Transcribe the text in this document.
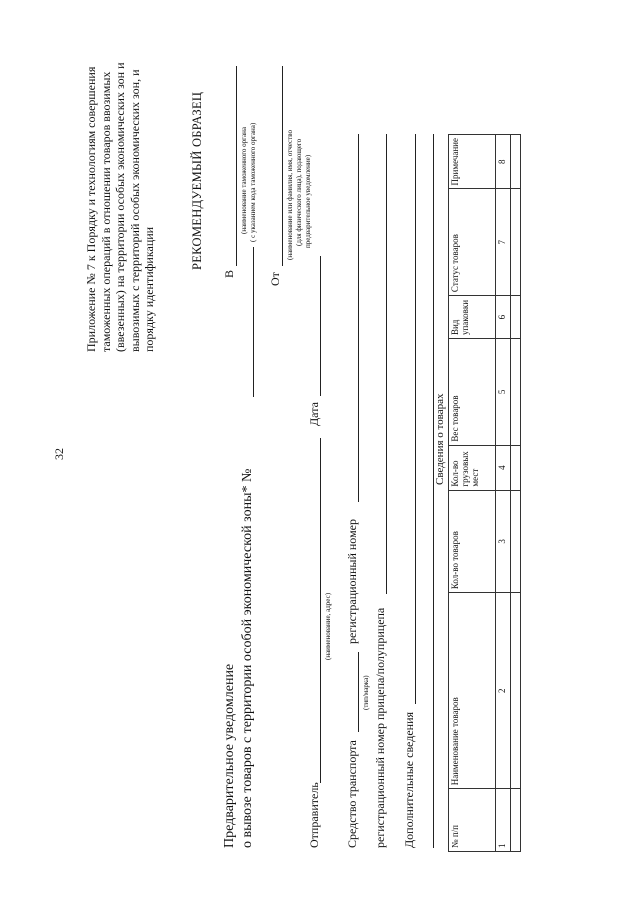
32
Приложение № 7 к Порядку и технологиям совершения таможенных операций в отношении товаров ввозимых (ввезенных) на территории особых экономических зон и вывозимых с территорий особых экономических зон, и порядку идентификации
РЕКОМЕНДУЕМЫЙ ОБРАЗЕЦ
В
(наименование таможенного органа ( с указанием кода таможенного органа)
От
(наименование или фамилия, имя, отчество (для физического лица), подающего предварительное уведомление)
Предварительное уведомление о вывозе товаров с территории особой экономической зоны* №	Отправитель
(наименование, адрес)
Дата
Средство транспорта
(тип/марка)
регистрационный номер
регистрационный номер прицепа/полуприцепа Дополнительные сведения
Сведения о товарах
№ п/п	Наименование товаров	Кол-во товаров	Кол-во грузовых мест	Вес товаров	Вид упаковки	Статус товаров	Примечание
1	2	3	4	5	6	7	8
